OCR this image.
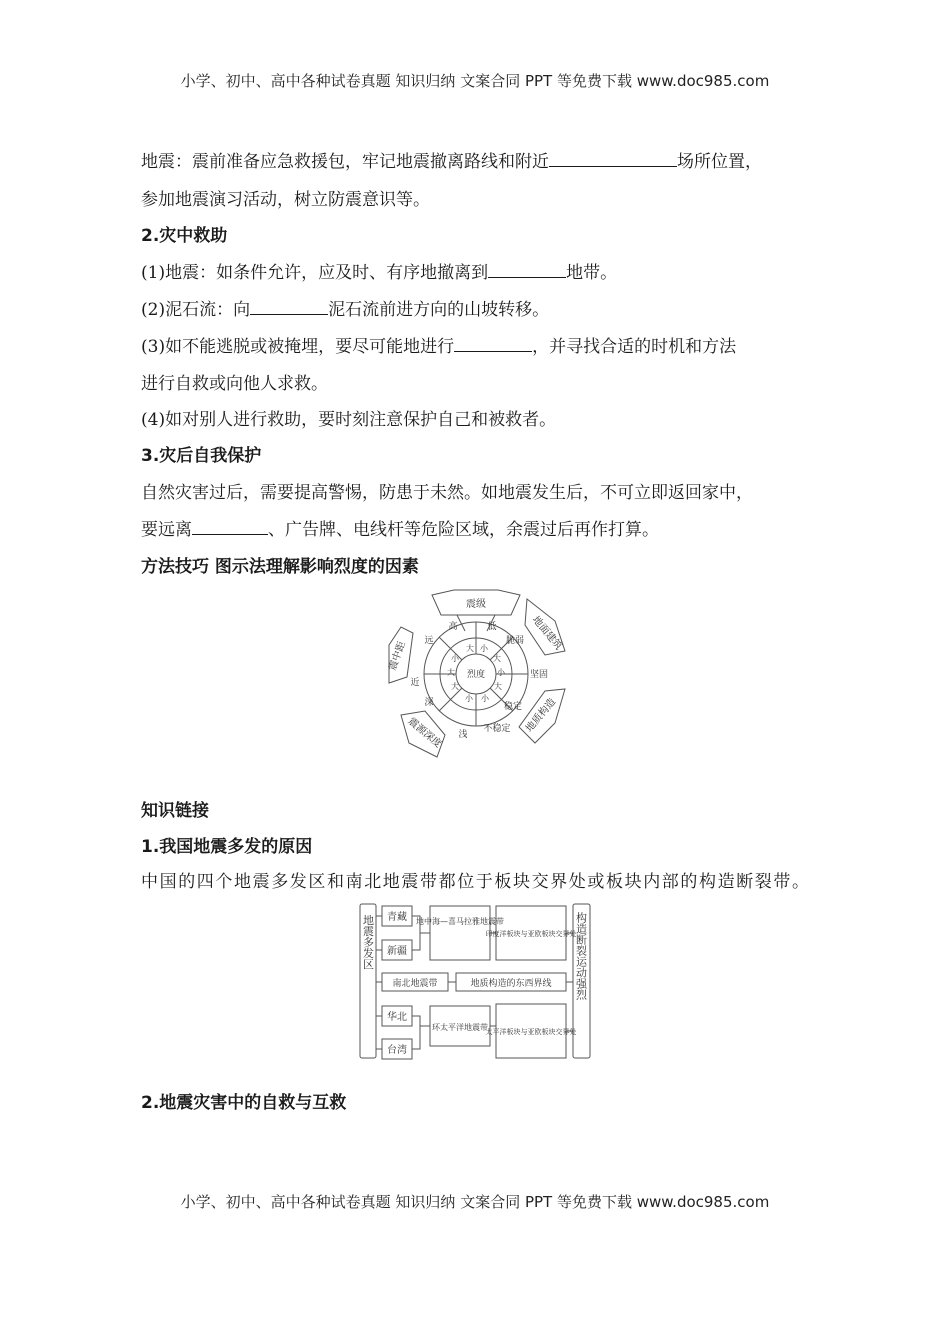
小学、初中、高中各种试卷真题 知识归纳 文案合同 PPT 等免费下载 www.doc985.com
地震：震前准备应急救援包，牢记地震撤离路线和附近	场所位置，
参加地震演习活动，树立防震意识等。
2.灾中救助
(1)地震：如条件允许，应及时、有序地撤离到	地带。
(2)泥石流：向	泥石流前进方向的山坡转移。
(3)如不能逃脱或被掩埋，要尽可能地进行	，并寻找合适的时机和方法
进行自救或向他人求救。
(4)如对别人进行救助，要时刻注意保护自己和被救者。
3.灾后自我保护
自然灾害过后，需要提高警惕，防患于未然。如地震发生后，不可立即返回家中，
要远离	、广告牌、电线杆等危险区域，余震过后再作打算。
方法技巧 图示法理解影响烈度的因素
震级
地面建筑
地质构造
震源深度
震中距
烈度
高	低
脆弱
坚固
稳定
不稳定
浅
深
近
远
大 小
大
小
大
小
小
大
大
小
知识链接
1.我国地震多发的原因
中国的四个地震多发区和南北地震带都位于板块交界处或板块内部的构造断裂带。
地震多发区	构造断裂运动强烈
青藏
新疆
南北地震带
华北
台湾
地中海—喜马拉雅地震带
地质构造的东西界线
环太平洋地震带
印度洋板块与亚欧板块交界处
太平洋板块与亚欧板块交界处
2.地震灾害中的自救与互救
小学、初中、高中各种试卷真题 知识归纳 文案合同 PPT 等免费下载 www.doc985.com
